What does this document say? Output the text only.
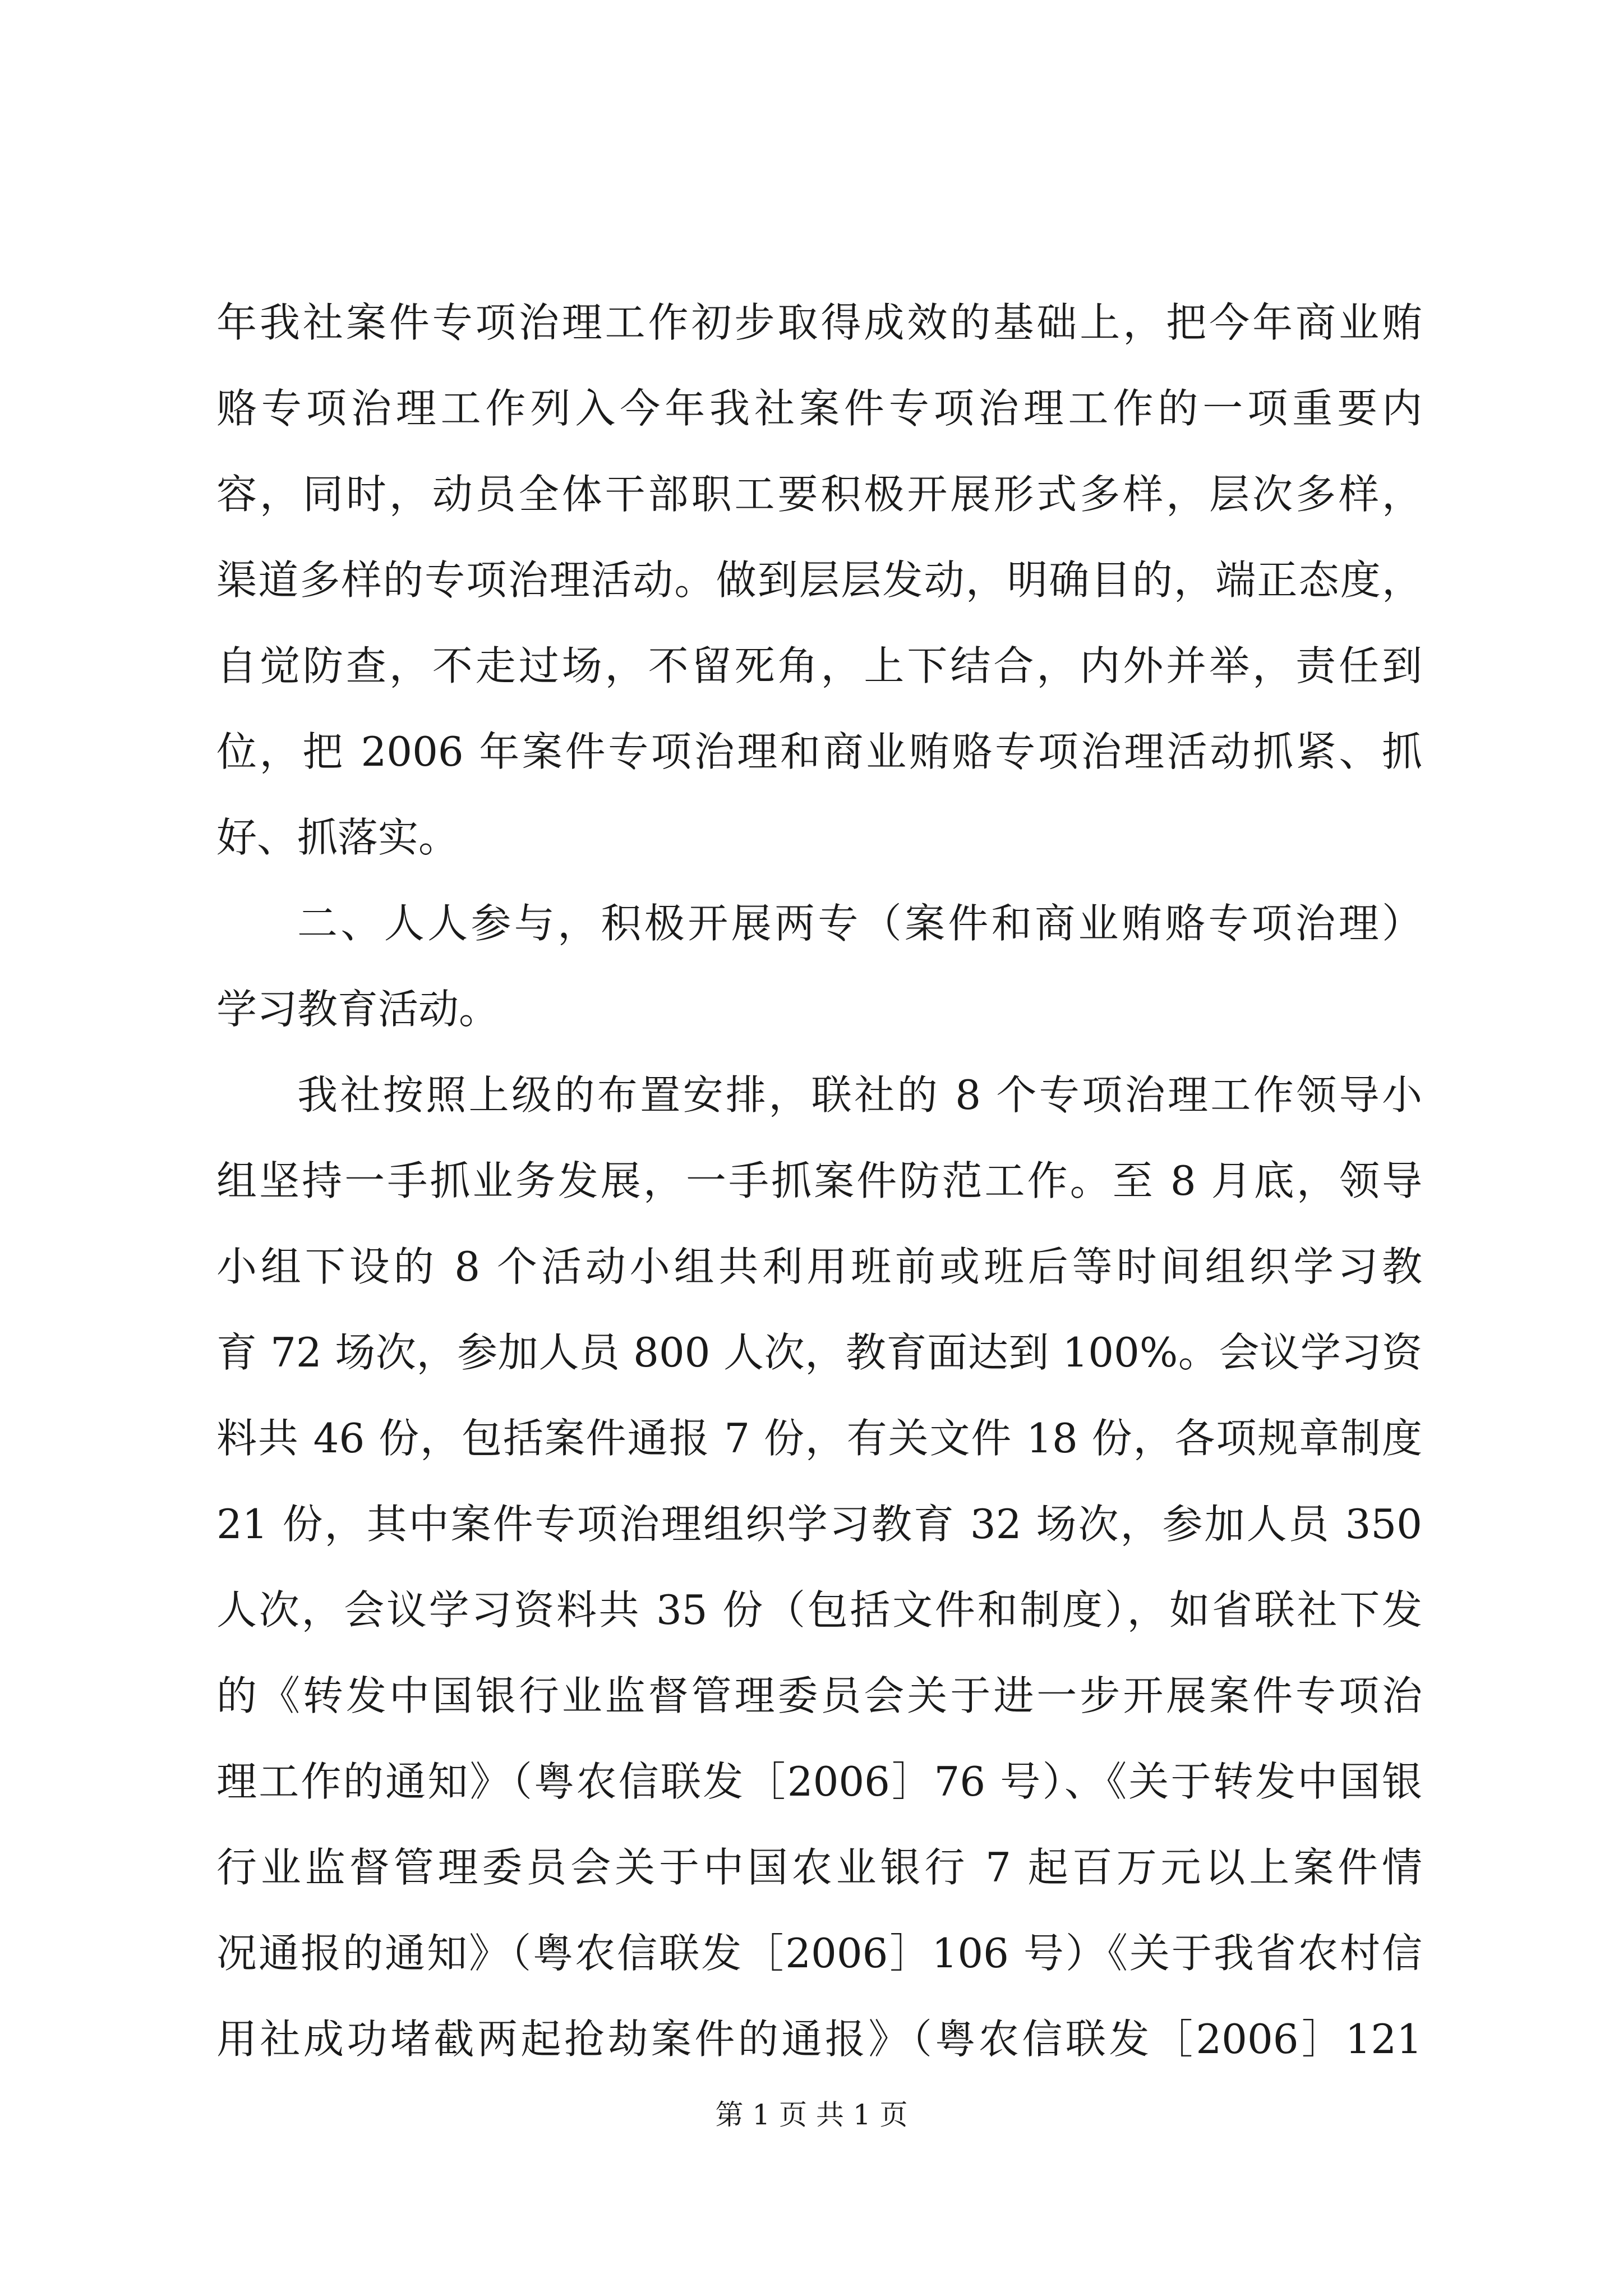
年我社案件专项治理工作初步取得成效的基础上，把今年商业贿
赂专项治理工作列入今年我社案件专项治理工作的一项重要内
容，同时，动员全体干部职工要积极开展形式多样，层次多样，
渠道多样的专项治理活动。做到层层发动，明确目的，端正态度，
自觉防查，不走过场，不留死角，上下结合，内外并举，责任到
位，把 2006 年案件专项治理和商业贿赂专项治理活动抓紧、抓
好、抓落实。
二、人人参与，积极开展两专（案件和商业贿赂专项治理）
学习教育活动。
我社按照上级的布置安排，联社的 8 个专项治理工作领导小
组坚持一手抓业务发展，一手抓案件防范工作。至 8 月底，领导
小组下设的 8 个活动小组共利用班前或班后等时间组织学习教
育 72 场次，参加人员 800 人次，教育面达到 100%。会议学习资
料共 46 份，包括案件通报 7 份，有关文件 18 份，各项规章制度
21 份，其中案件专项治理组织学习教育 32 场次，参加人员 350
人次，会议学习资料共 35 份（包括文件和制度），如省联社下发
的《转发中国银行业监督管理委员会关于进一步开展案件专项治
理工作的通知》（粤农信联发［2006］76 号）、《关于转发中国银
行业监督管理委员会关于中国农业银行 7 起百万元以上案件情
况通报的通知》（粤农信联发［2006］106 号）《关于我省农村信
用社成功堵截两起抢劫案件的通报》（粤农信联发［2006］121
第 1 页 共 1 页
